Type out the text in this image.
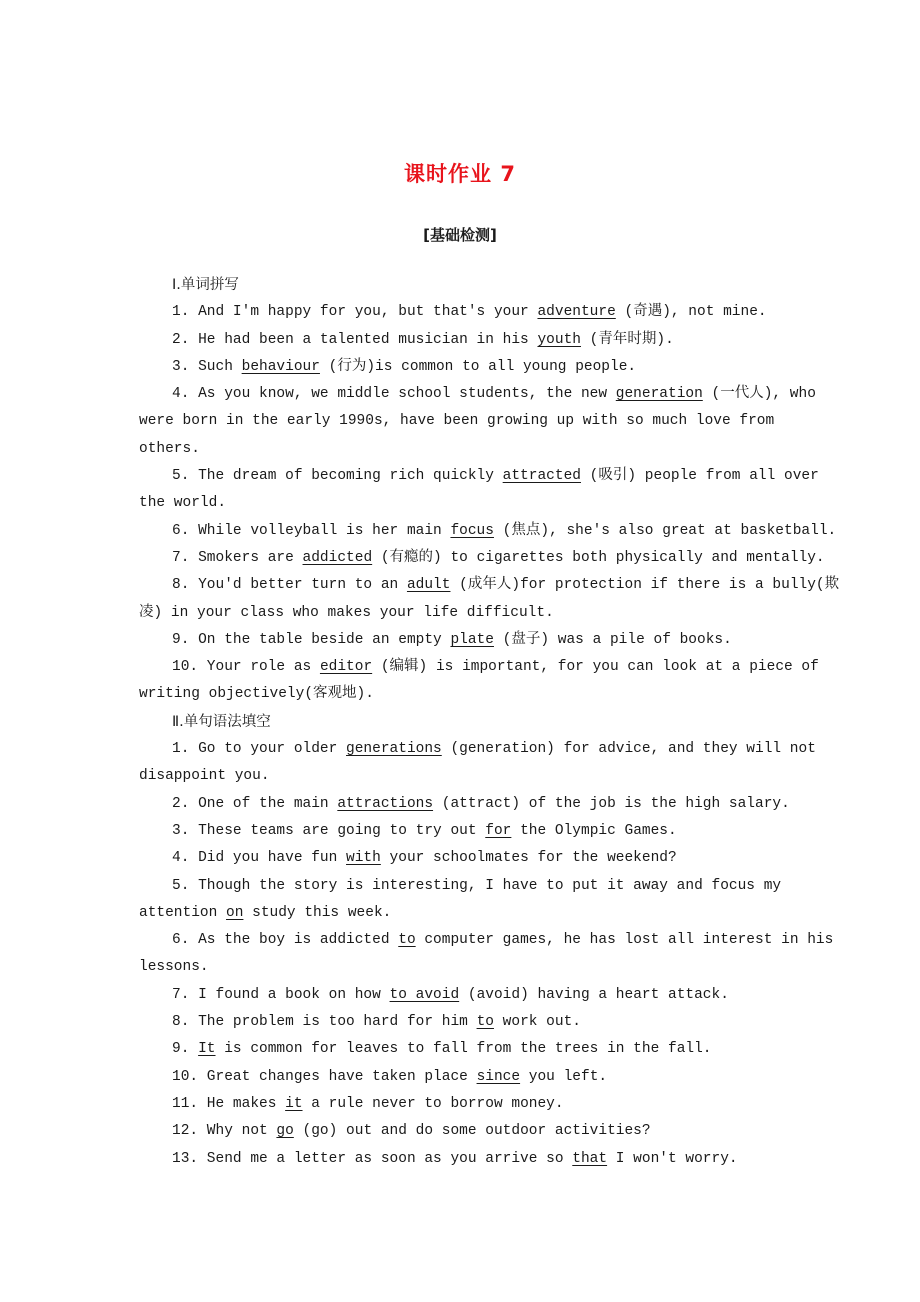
课时作业 7
[基础检测]

Ⅰ.单词拼写

1. And I'm happy for you, but that's your adventure (奇遇), not mine.

2. He had been a talented musician in his youth (青年时期).

3. Such behaviour (行为)is common to all young people.

4. As you know, we middle school students, the new generation (一代人), who were born in the early 1990s, have been growing up with so much love from others.

5. The dream of becoming rich quickly attracted (吸引) people from all over the world.

6. While volleyball is her main focus (焦点), she's also great at basketball.

7. Smokers are addicted (有瘾的) to cigarettes both physically and mentally.

8. You'd better turn to an adult (成年人)for protection if there is a bully(欺凌) in your class who makes your life difficult.

9. On the table beside an empty plate (盘子) was a pile of books.

10. Your role as editor (编辑) is important, for you can look at a piece of writing objectively(客观地).

Ⅱ.单句语法填空

1. Go to your older generations (generation) for advice, and they will not disappoint you.

2. One of the main attractions (attract) of the job is the high salary.

3. These teams are going to try out for the Olympic Games.

4. Did you have fun with your schoolmates for the weekend?

5. Though the story is interesting, I have to put it away and focus my attention on study this week.

6. As the boy is addicted to computer games, he has lost all interest in his lessons.

7. I found a book on how to avoid (avoid) having a heart attack.

8. The problem is too hard for him to work out.

9. It is common for leaves to fall from the trees in the fall.

10. Great changes have taken place since you left.

11. He makes it a rule never to borrow money.

12. Why not go (go) out and do some outdoor activities?

13. Send me a letter as soon as you arrive so that I won't worry.
